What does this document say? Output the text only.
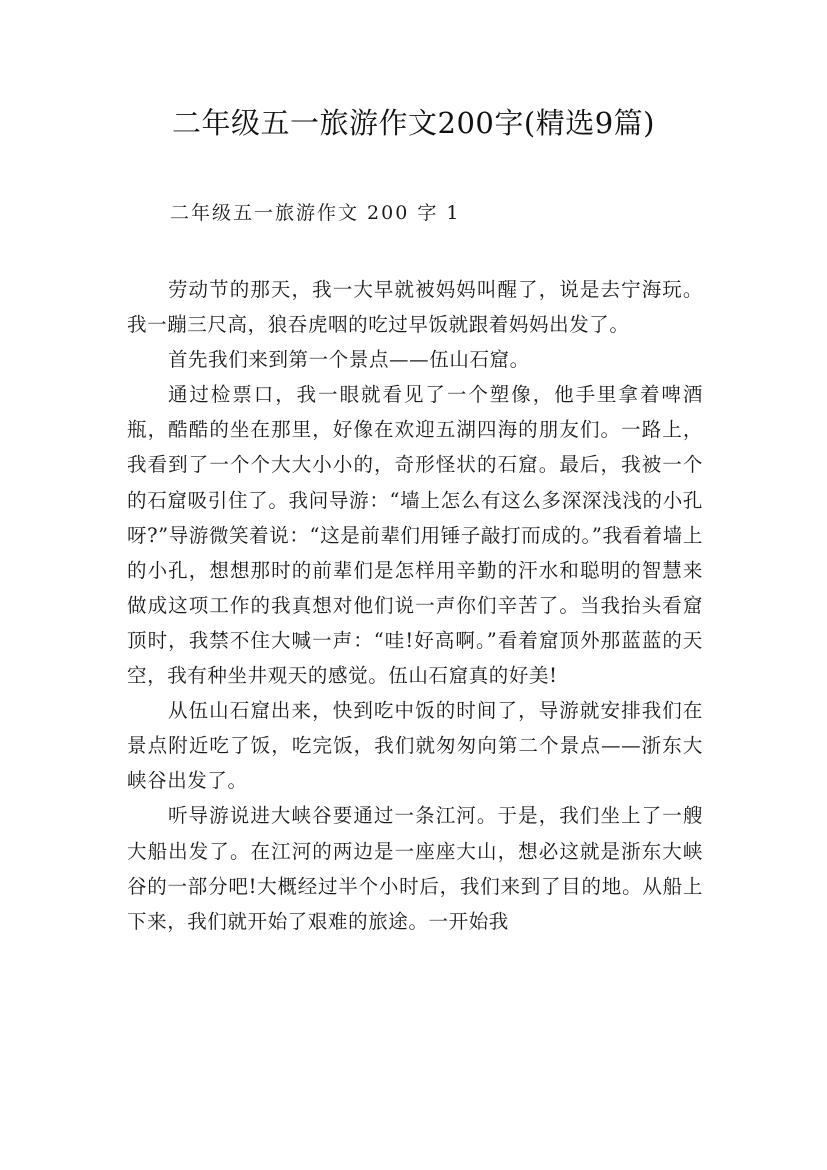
二年级五一旅游作文200字(精选9篇)
二年级五一旅游作文 200 字 1

劳动节的那天，我一大早就被妈妈叫醒了，说是去宁海玩。我一蹦三尺高，狼吞虎咽的吃过早饭就跟着妈妈出发了。

首先我们来到第一个景点——伍山石窟。

通过检票口，我一眼就看见了一个塑像，他手里拿着啤酒瓶，酷酷的坐在那里，好像在欢迎五湖四海的朋友们。一路上，我看到了一个个大大小小的，奇形怪状的石窟。最后，我被一个的石窟吸引住了。我问导游：“墙上怎么有这么多深深浅浅的小孔呀?”导游微笑着说：“这是前辈们用锤子敲打而成的。”我看着墙上的小孔，想想那时的前辈们是怎样用辛勤的汗水和聪明的智慧来做成这项工作的我真想对他们说一声你们辛苦了。当我抬头看窟顶时，我禁不住大喊一声：“哇!好高啊。”看着窟顶外那蓝蓝的天空，我有种坐井观天的感觉。伍山石窟真的好美!

从伍山石窟出来，快到吃中饭的时间了，导游就安排我们在景点附近吃了饭，吃完饭，我们就匆匆向第二个景点——浙东大峡谷出发了。

听导游说进大峡谷要通过一条江河。于是，我们坐上了一艘大船出发了。在江河的两边是一座座大山，想必这就是浙东大峡谷的一部分吧!大概经过半个小时后，我们来到了目的地。从船上下来，我们就开始了艰难的旅途。一开始我
